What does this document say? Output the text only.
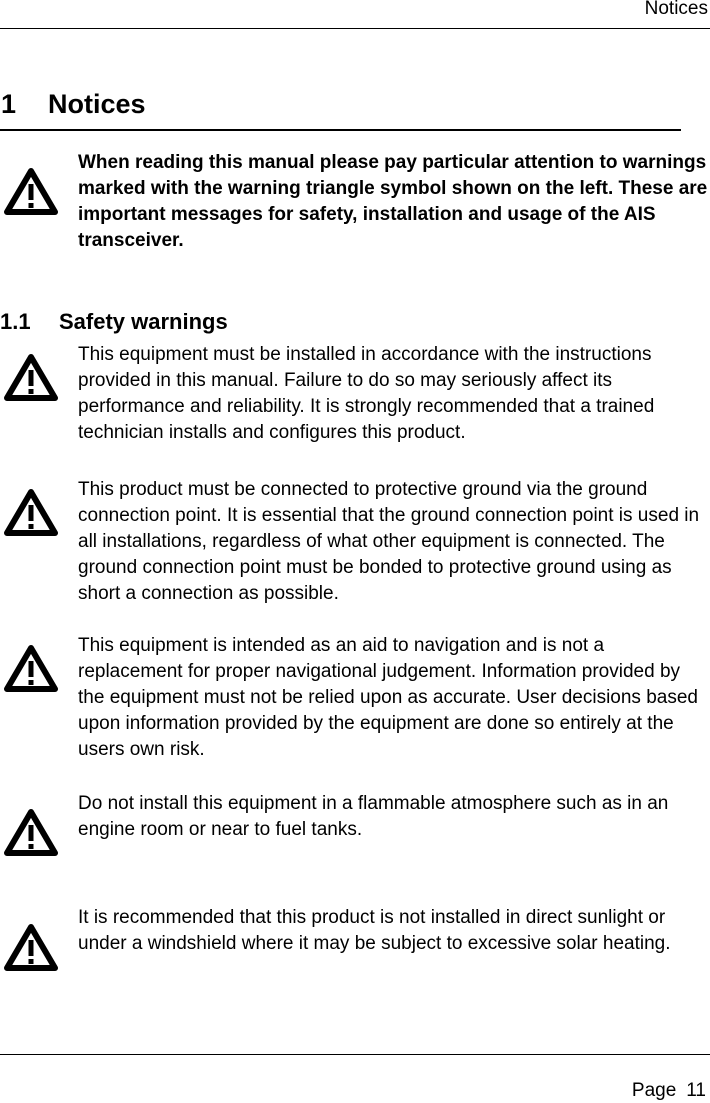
Notices
1 Notices

When reading this manual please pay particular attention to warnings marked with the warning triangle symbol shown on the left. These are important messages for safety, installation and usage of the AIS transceiver.

1.1 Safety warnings

This equipment must be installed in accordance with the instructions provided in this manual. Failure to do so may seriously affect its performance and reliability. It is strongly recommended that a trained technician installs and configures this product.

This product must be connected to protective ground via the ground connection point. It is essential that the ground connection point is used in all installations, regardless of what other equipment is connected. The ground connection point must be bonded to protective ground using as short a connection as possible.

This equipment is intended as an aid to navigation and is not a replacement for proper navigational judgement. Information provided by the equipment must not be relied upon as accurate. User decisions based upon information provided by the equipment are done so entirely at the users own risk.

Do not install this equipment in a flammable atmosphere such as in an engine room or near to fuel tanks.

It is recommended that this product is not installed in direct sunlight or under a windshield where it may be subject to excessive solar heating.

Page 11
